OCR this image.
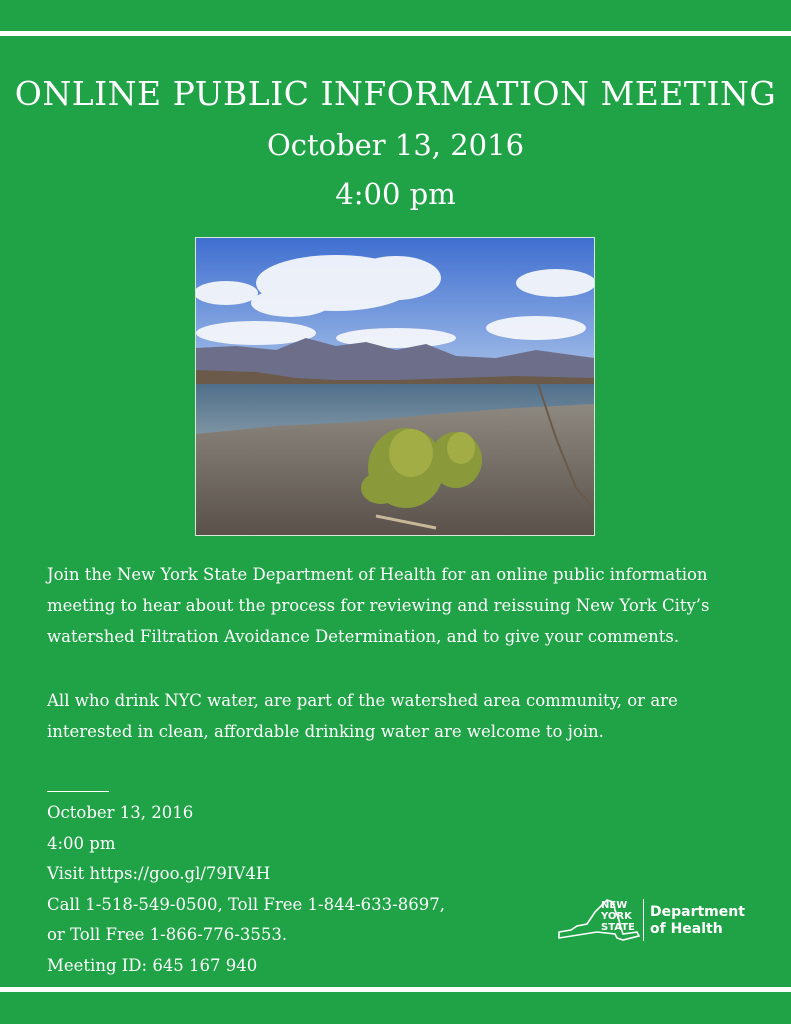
ONLINE PUBLIC INFORMATION MEETING
October 13, 2016
4:00 pm

Join the New York State Department of Health for an online public information meeting to hear about the process for reviewing and reissuing New York City’s watershed Filtration Avoidance Determination, and to give your comments.

All who drink NYC water, are part of the watershed area community, or are interested in clean, affordable drinking water are welcome to join.

October 13, 2016
4:00 pm
Visit https://goo.gl/79IV4H
Call 1-518-549-0500, Toll Free 1-844-633-8697,
or Toll Free 1-866-776-3553.
Meeting ID: 645 167 940
NEW
YORK
STATE
Department
of Health
